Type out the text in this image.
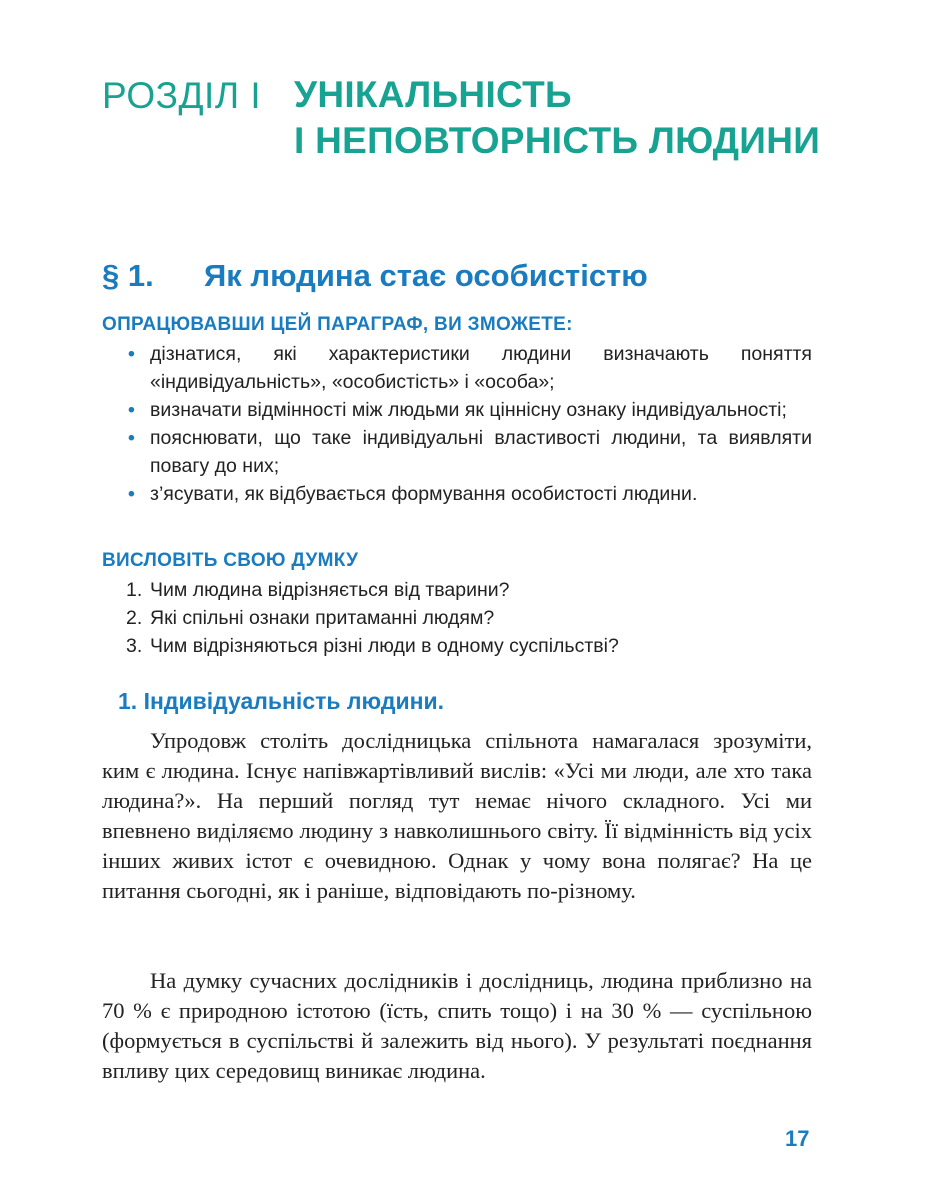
РОЗДІЛ І УНІКАЛЬНІСТЬ
І НЕПОВТОРНІСТЬ ЛЮДИНИ
§ 1. Як людина стає особистістю
ОПРАЦЮВАВШИ ЦЕЙ ПАРАГРАФ, ВИ ЗМОЖЕТЕ:
• дізнатися, які характеристики людини визначають поняття «індивідуальність», «особистість» і «особа»;
• визначати відмінності між людьми як ціннісну ознаку індивідуальності;
• пояснювати, що таке індивідуальні властивості людини, та виявляти повагу до них;
• з’ясувати, як відбувається формування особистості людини.
ВИСЛОВІТЬ СВОЮ ДУМКУ
1. Чим людина відрізняється від тварини?
2. Які спільні ознаки притаманні людям?
3. Чим відрізняються різні люди в одному суспільстві?
1. Індивідуальність людини.

Упродовж століть дослідницька спільнота намагалася зрозуміти, ким є людина. Існує напівжартівливий вислів: «Усі ми люди, але хто така людина?». На перший погляд тут немає нічого складного. Усі ми впевнено виділяємо людину з навколишнього світу. Її відмінність від усіх інших живих істот є очевидною. Однак у чому вона полягає? На це питання сьогодні, як і раніше, відповідають по-різному.

На думку сучасних дослідників і дослідниць, людина приблизно на 70 % є природною істотою (їсть, спить тощо) і на 30 % — суспільною (формується в суспільстві й залежить від нього). У результаті поєднання впливу цих середовищ виникає людина.

17
